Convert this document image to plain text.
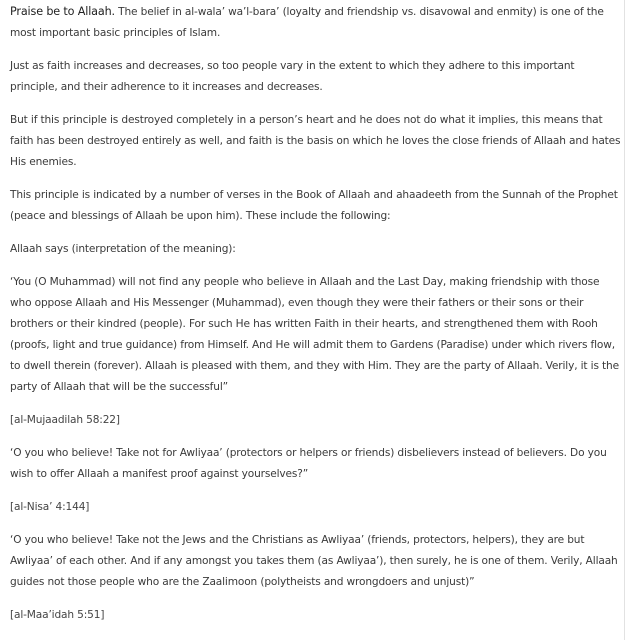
Praise be to Allaah. The belief in al-wala’ wa’l-bara’ (loyalty and friendship vs. disavowal and enmity) is one of the most important basic principles of Islam.

Just as faith increases and decreases, so too people vary in the extent to which they adhere to this important principle, and their adherence to it increases and decreases.

But if this principle is destroyed completely in a person’s heart and he does not do what it implies, this means that faith has been destroyed entirely as well, and faith is the basis on which he loves the close friends of Allaah and hates His enemies.

This principle is indicated by a number of verses in the Book of Allaah and ahaadeeth from the Sunnah of the Prophet (peace and blessings of Allaah be upon him). These include the following:

Allaah says (interpretation of the meaning):

‘You (O Muhammad) will not find any people who believe in Allaah and the Last Day, making friendship with those who oppose Allaah and His Messenger (Muhammad), even though they were their fathers or their sons or their brothers or their kindred (people). For such He has written Faith in their hearts, and strengthened them with Rooh (proofs, light and true guidance) from Himself. And He will admit them to Gardens (Paradise) under which rivers flow, to dwell therein (forever). Allaah is pleased with them, and they with Him. They are the party of Allaah. Verily, it is the party of Allaah that will be the successful”

[al-Mujaadilah 58:22]

‘O you who believe! Take not for Awliyaa’ (protectors or helpers or friends) disbelievers instead of believers. Do you wish to offer Allaah a manifest proof against yourselves?”

[al-Nisa’ 4:144]

‘O you who believe! Take not the Jews and the Christians as Awliyaa’ (friends, protectors, helpers), they are but Awliyaa’ of each other. And if any amongst you takes them (as Awliyaa’), then surely, he is one of them. Verily, Allaah guides not those people who are the Zaalimoon (polytheists and wrongdoers and unjust)”

[al-Maa’idah 5:51]
